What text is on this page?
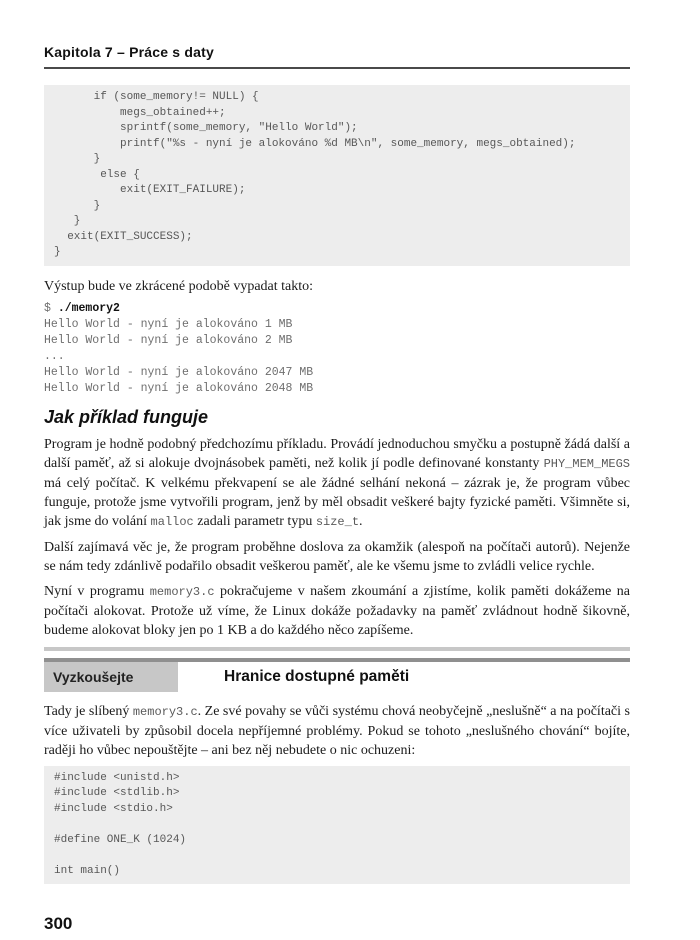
Kapitola 7 – Práce s daty
if (some_memory!= NULL) {
megs_obtained++;
sprintf(some_memory, "Hello World");
printf("%s - nyní je alokováno %d MB\n", some_memory, megs_obtained);
}
else {
exit(EXIT_FAILURE);
}
}
exit(EXIT_SUCCESS);
}

Výstup bude ve zkrácené podobě vypadat takto:

$ ./memory2
Hello World - nyní je alokováno 1 MB
Hello World - nyní je alokováno 2 MB
...
Hello World - nyní je alokováno 2047 MB
Hello World - nyní je alokováno 2048 MB
Jak příklad funguje

Program je hodně podobný předchozímu příkladu. Provádí jednoduchou smyčku a postupně žádá další a další paměť, až si alokuje dvojnásobek paměti, než kolik jí podle definované konstanty PHY_MEM_MEGS má celý počítač. K velkému překvapení se ale žádné selhání nekoná – zázrak je, že program vůbec funguje, protože jsme vytvořili program, jenž by měl obsadit veškeré bajty fyzické paměti. Všimněte si, jak jsme do volání malloc zadali parametr typu size_t.

Další zajímavá věc je, že program proběhne doslova za okamžik (alespoň na počítači autorů). Nejenže se nám tedy zdánlivě podařilo obsadit veškerou paměť, ale ke všemu jsme to zvládli velice rychle.

Nyní v programu memory3.c pokračujeme v našem zkoumání a zjistíme, kolik paměti dokážeme na počítači alokovat. Protože už víme, že Linux dokáže požadavky na paměť zvládnout hodně šikovně, budeme alokovat bloky jen po 1 KB a do každého něco zapíšeme.

Vyzkoušejte	Hranice dostupné paměti

Tady je slíbený memory3.c. Ze své povahy se vůči systému chová neobyčejně „neslušně“ a na počítači s více uživateli by způsobil docela nepříjemné problémy. Pokud se tohoto „neslušného chování“ bojíte, raději ho vůbec nepouštějte – ani bez něj nebudete o nic ochuzeni:

#include <unistd.h>
#include <stdlib.h>
#include <stdio.h>
#define ONE_K (1024)
int main()
300
